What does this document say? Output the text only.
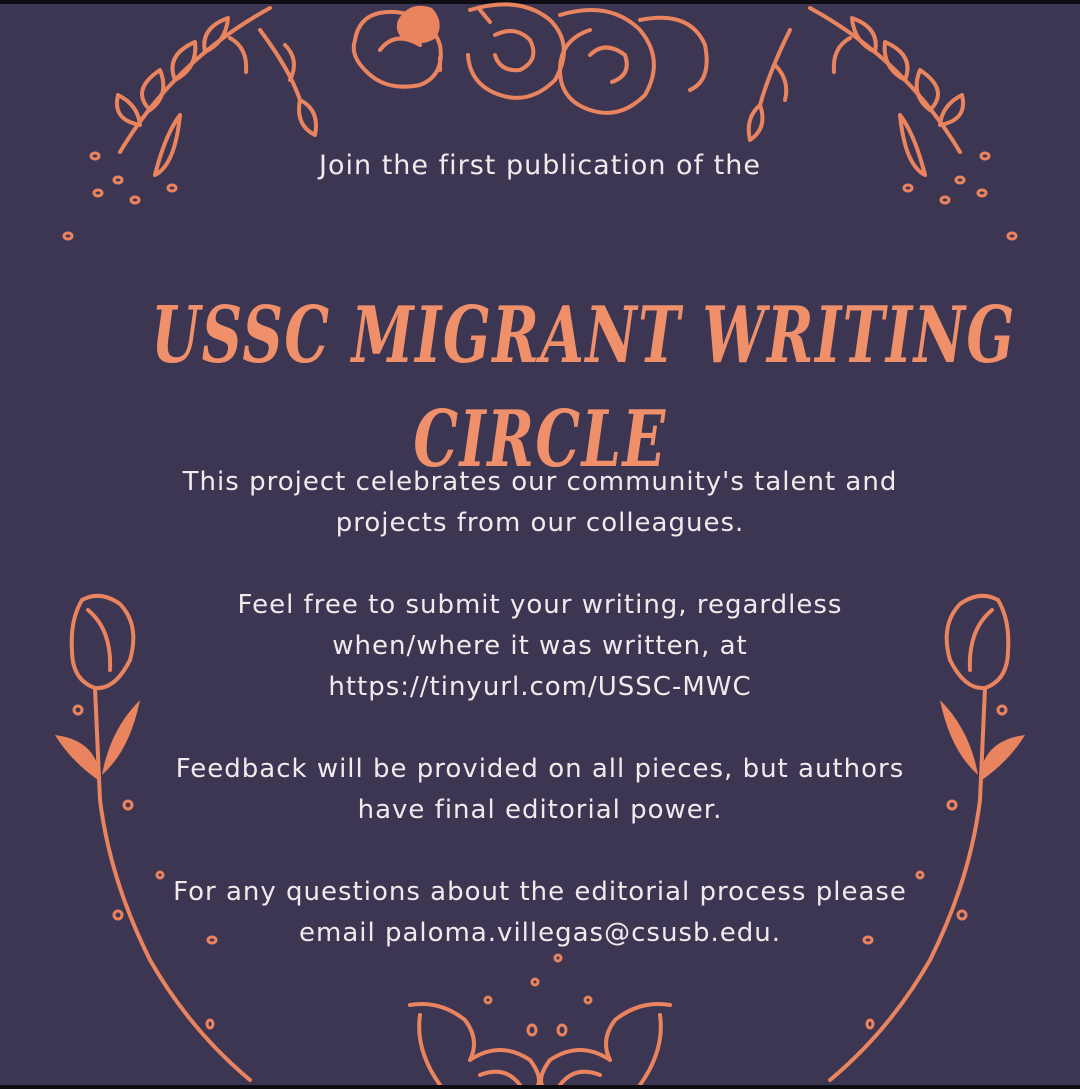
Join the first publication of the
USSC MIGRANT WRITING
CIRCLE
This project celebrates our community's talent and projects from our colleagues.
Feel free to submit your writing, regardless when/where it was written, at https://tinyurl.com/USSC-MWC
Feedback will be provided on all pieces, but authors have final editorial power.
For any questions about the editorial process please email paloma.villegas@csusb.edu.
